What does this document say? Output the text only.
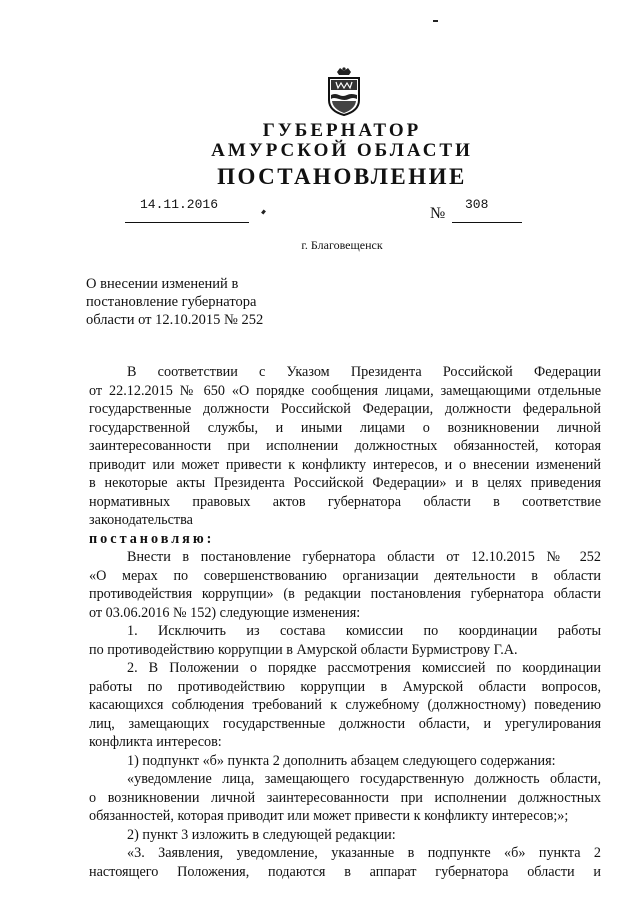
ГУБЕРНАТОР
АМУРСКОЙ ОБЛАСТИ
ПОСТАНОВЛЕНИЕ
14.11.2016
№
308
г. Благовещенск
О внесении изменений в
постановление губернатора
области от 12.10.2015 № 252

В соответствии с Указом Президента Российской Федерации

от 22.12.2015 № 650 «О порядке сообщения лицами, замещающими отдельные

государственные должности Российской Федерации, должности федеральной

государственной службы, и иными лицами о возникновении личной

заинтересованности при исполнении должностных обязанностей, которая

приводит или может привести к конфликту интересов, и о внесении изменений

в некоторые акты Президента Российской Федерации» и в целях приведения

нормативных правовых актов губернатора области в соответствие

законодательства

постановляю:

Внести в постановление губернатора области от 12.10.2015 № 252

«О мерах по совершенствованию организации деятельности в области

противодействия коррупции» (в редакции постановления губернатора области

от 03.06.2016 № 152) следующие изменения:

1. Исключить из состава комиссии по координации работы

по противодействию коррупции в Амурской области Бурмистрову Г.А.

2. В Положении о порядке рассмотрения комиссией по координации

работы по противодействию коррупции в Амурской области вопросов,

касающихся соблюдения требований к служебному (должностному) поведению

лиц, замещающих государственные должности области, и урегулирования

конфликта интересов:

1) подпункт «б» пункта 2 дополнить абзацем следующего содержания:

«уведомление лица, замещающего государственную должность области,

о возникновении личной заинтересованности при исполнении должностных

обязанностей, которая приводит или может привести к конфликту интересов;»;

2) пункт 3 изложить в следующей редакции:

«3. Заявления, уведомление, указанные в подпункте «б» пункта 2

настоящего Положения, подаются в аппарат губернатора области и
